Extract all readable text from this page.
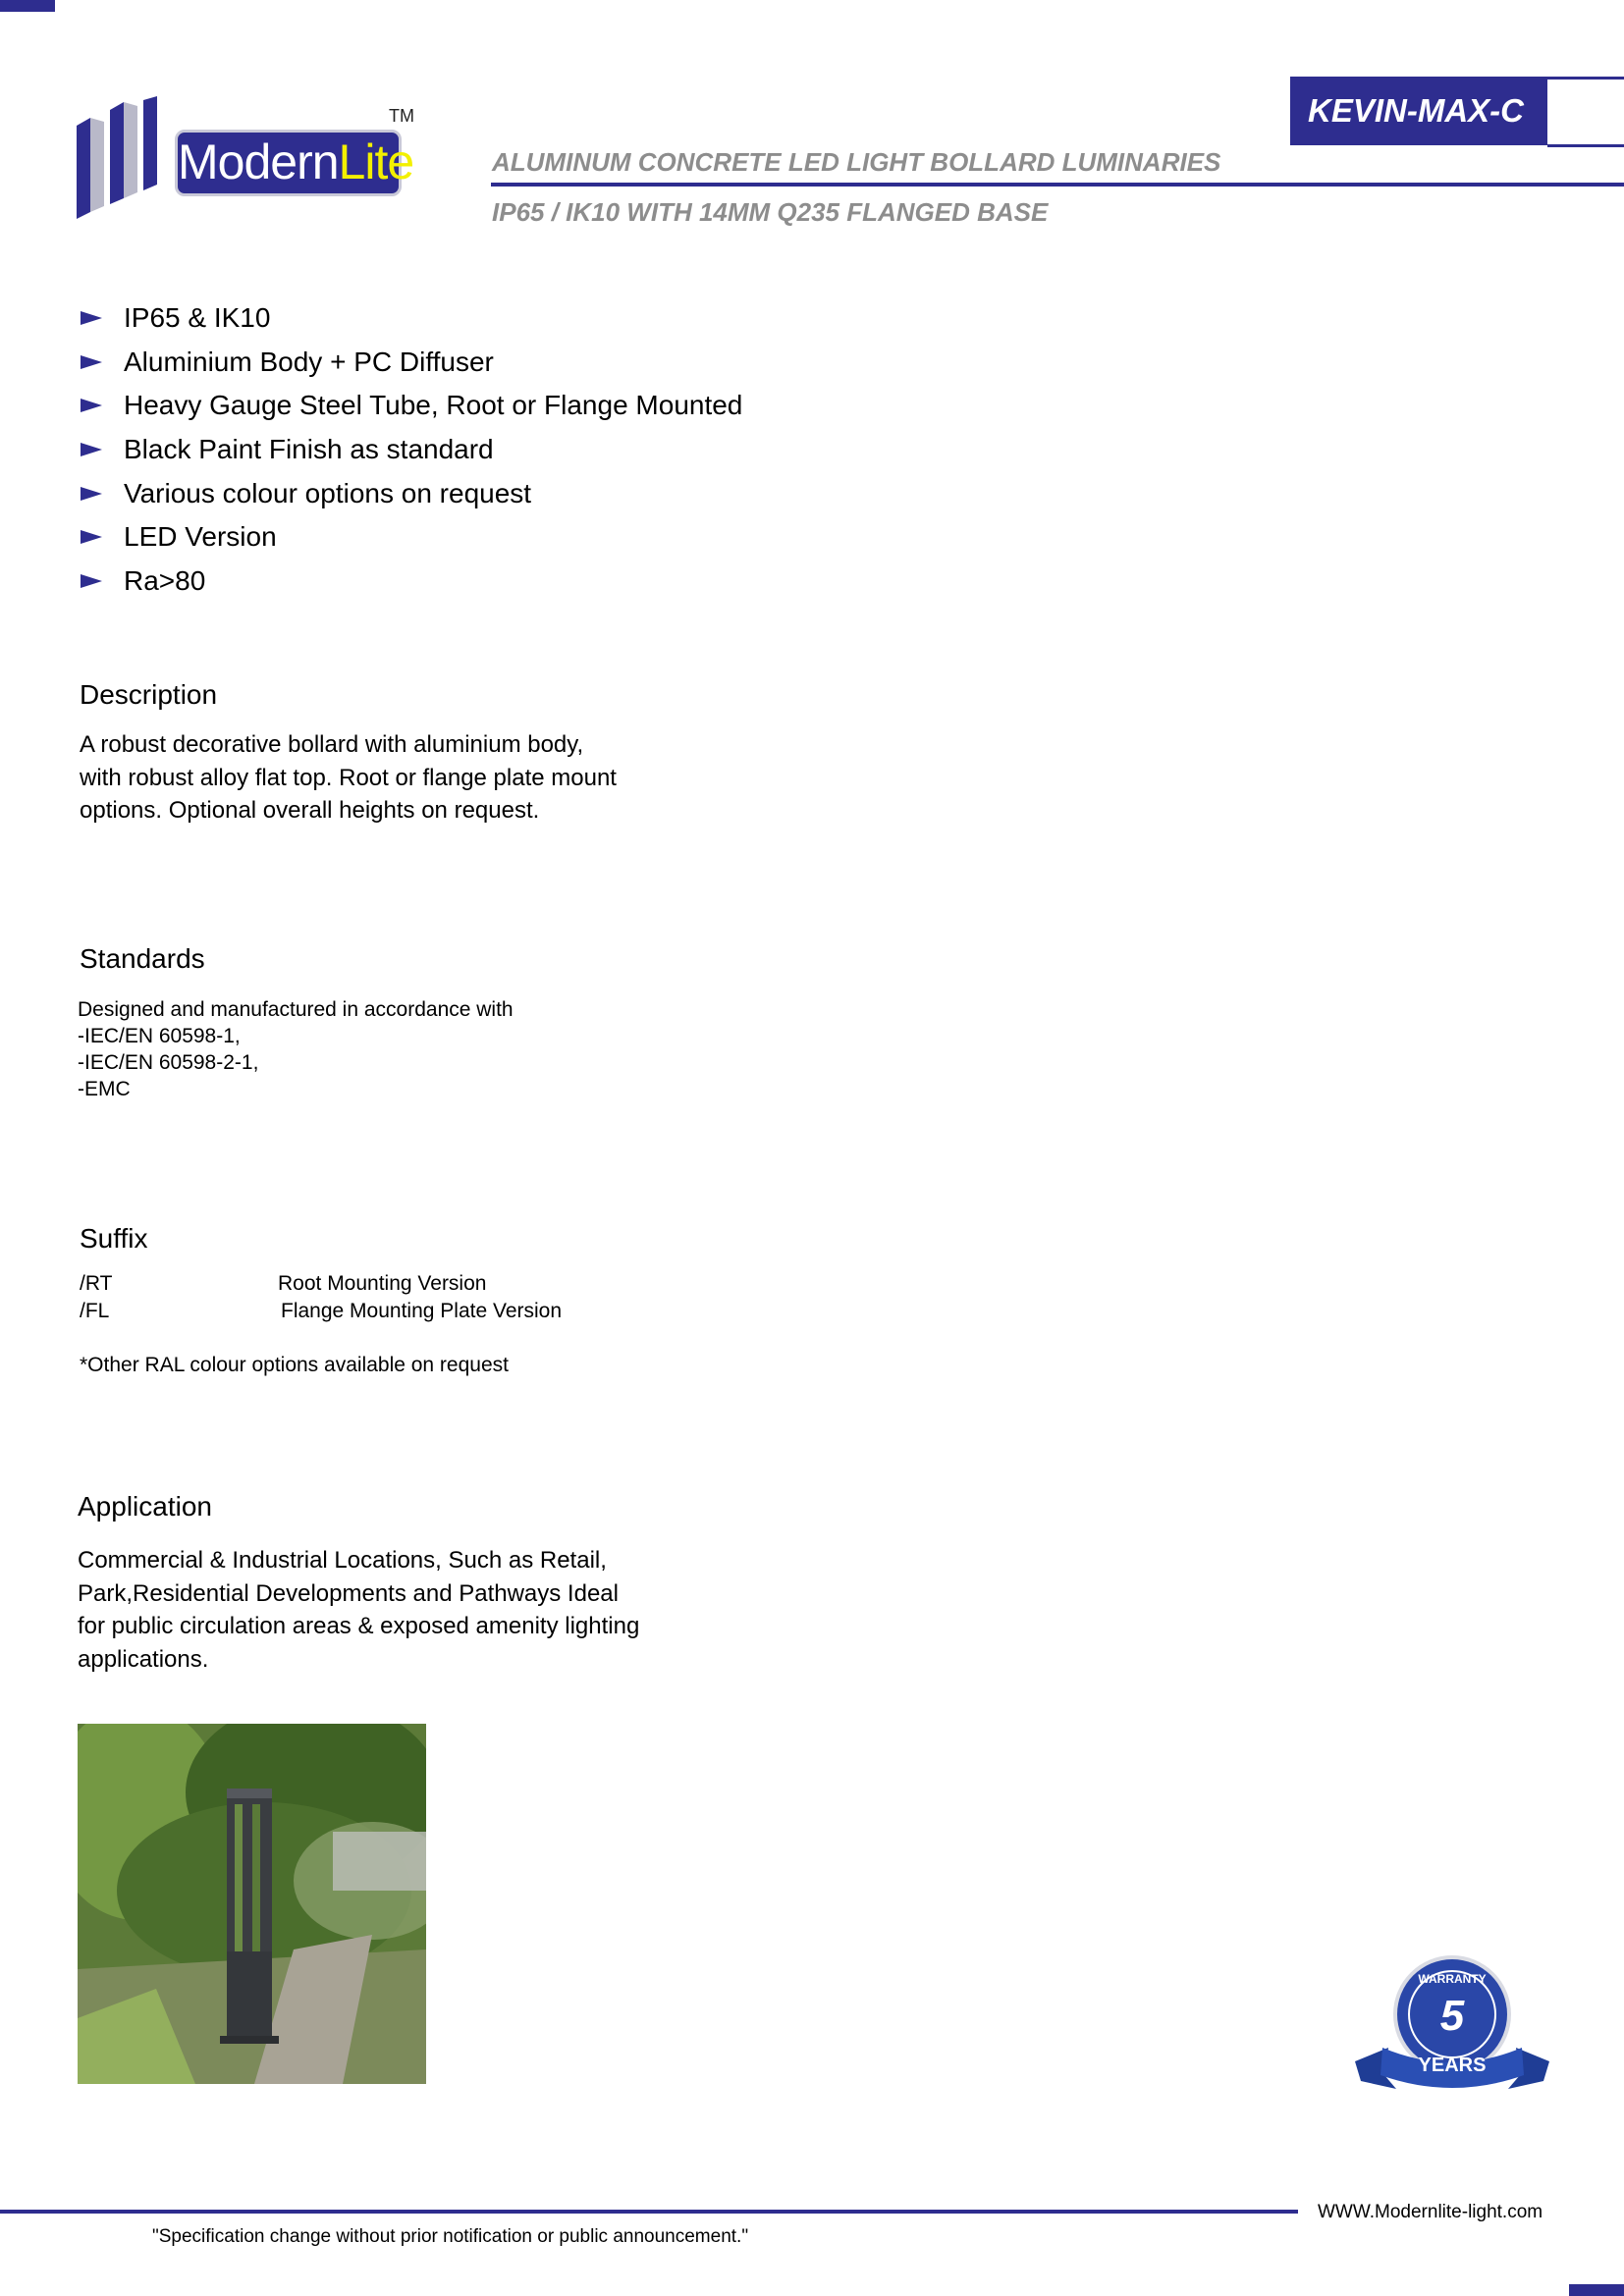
ModernLite
TM	KEVIN-MAX-C
ALUMINUM CONCRETE LED LIGHT BOLLARD LUMINARIES
IP65 / IK10 WITH 14MM Q235 FLANGED BASE
IP65 & IK10
Aluminium Body + PC Diffuser
Heavy Gauge Steel Tube, Root or Flange Mounted
Black Paint Finish as standard
Various colour options on request
LED Version
Ra>80
Description
A robust decorative bollard with aluminium body,
with robust alloy flat top. Root or flange plate mount
options. Optional overall heights on request.
Standards
Designed and manufactured in accordance with
-IEC/EN 60598-1,
-IEC/EN 60598-2-1,
-EMC
Suffix
/RT	Root Mounting Version
/FL	Flange Mounting Plate Version
*Other RAL colour options available on request
Application
Commercial & Industrial Locations, Such as Retail,
Park,Residential Developments and Pathways Ideal
for public circulation areas & exposed amenity lighting
applications.
WARRANTY
5
YEARS
WWW.Modernlite-light.com
"Specification change without prior notification or public announcement."
